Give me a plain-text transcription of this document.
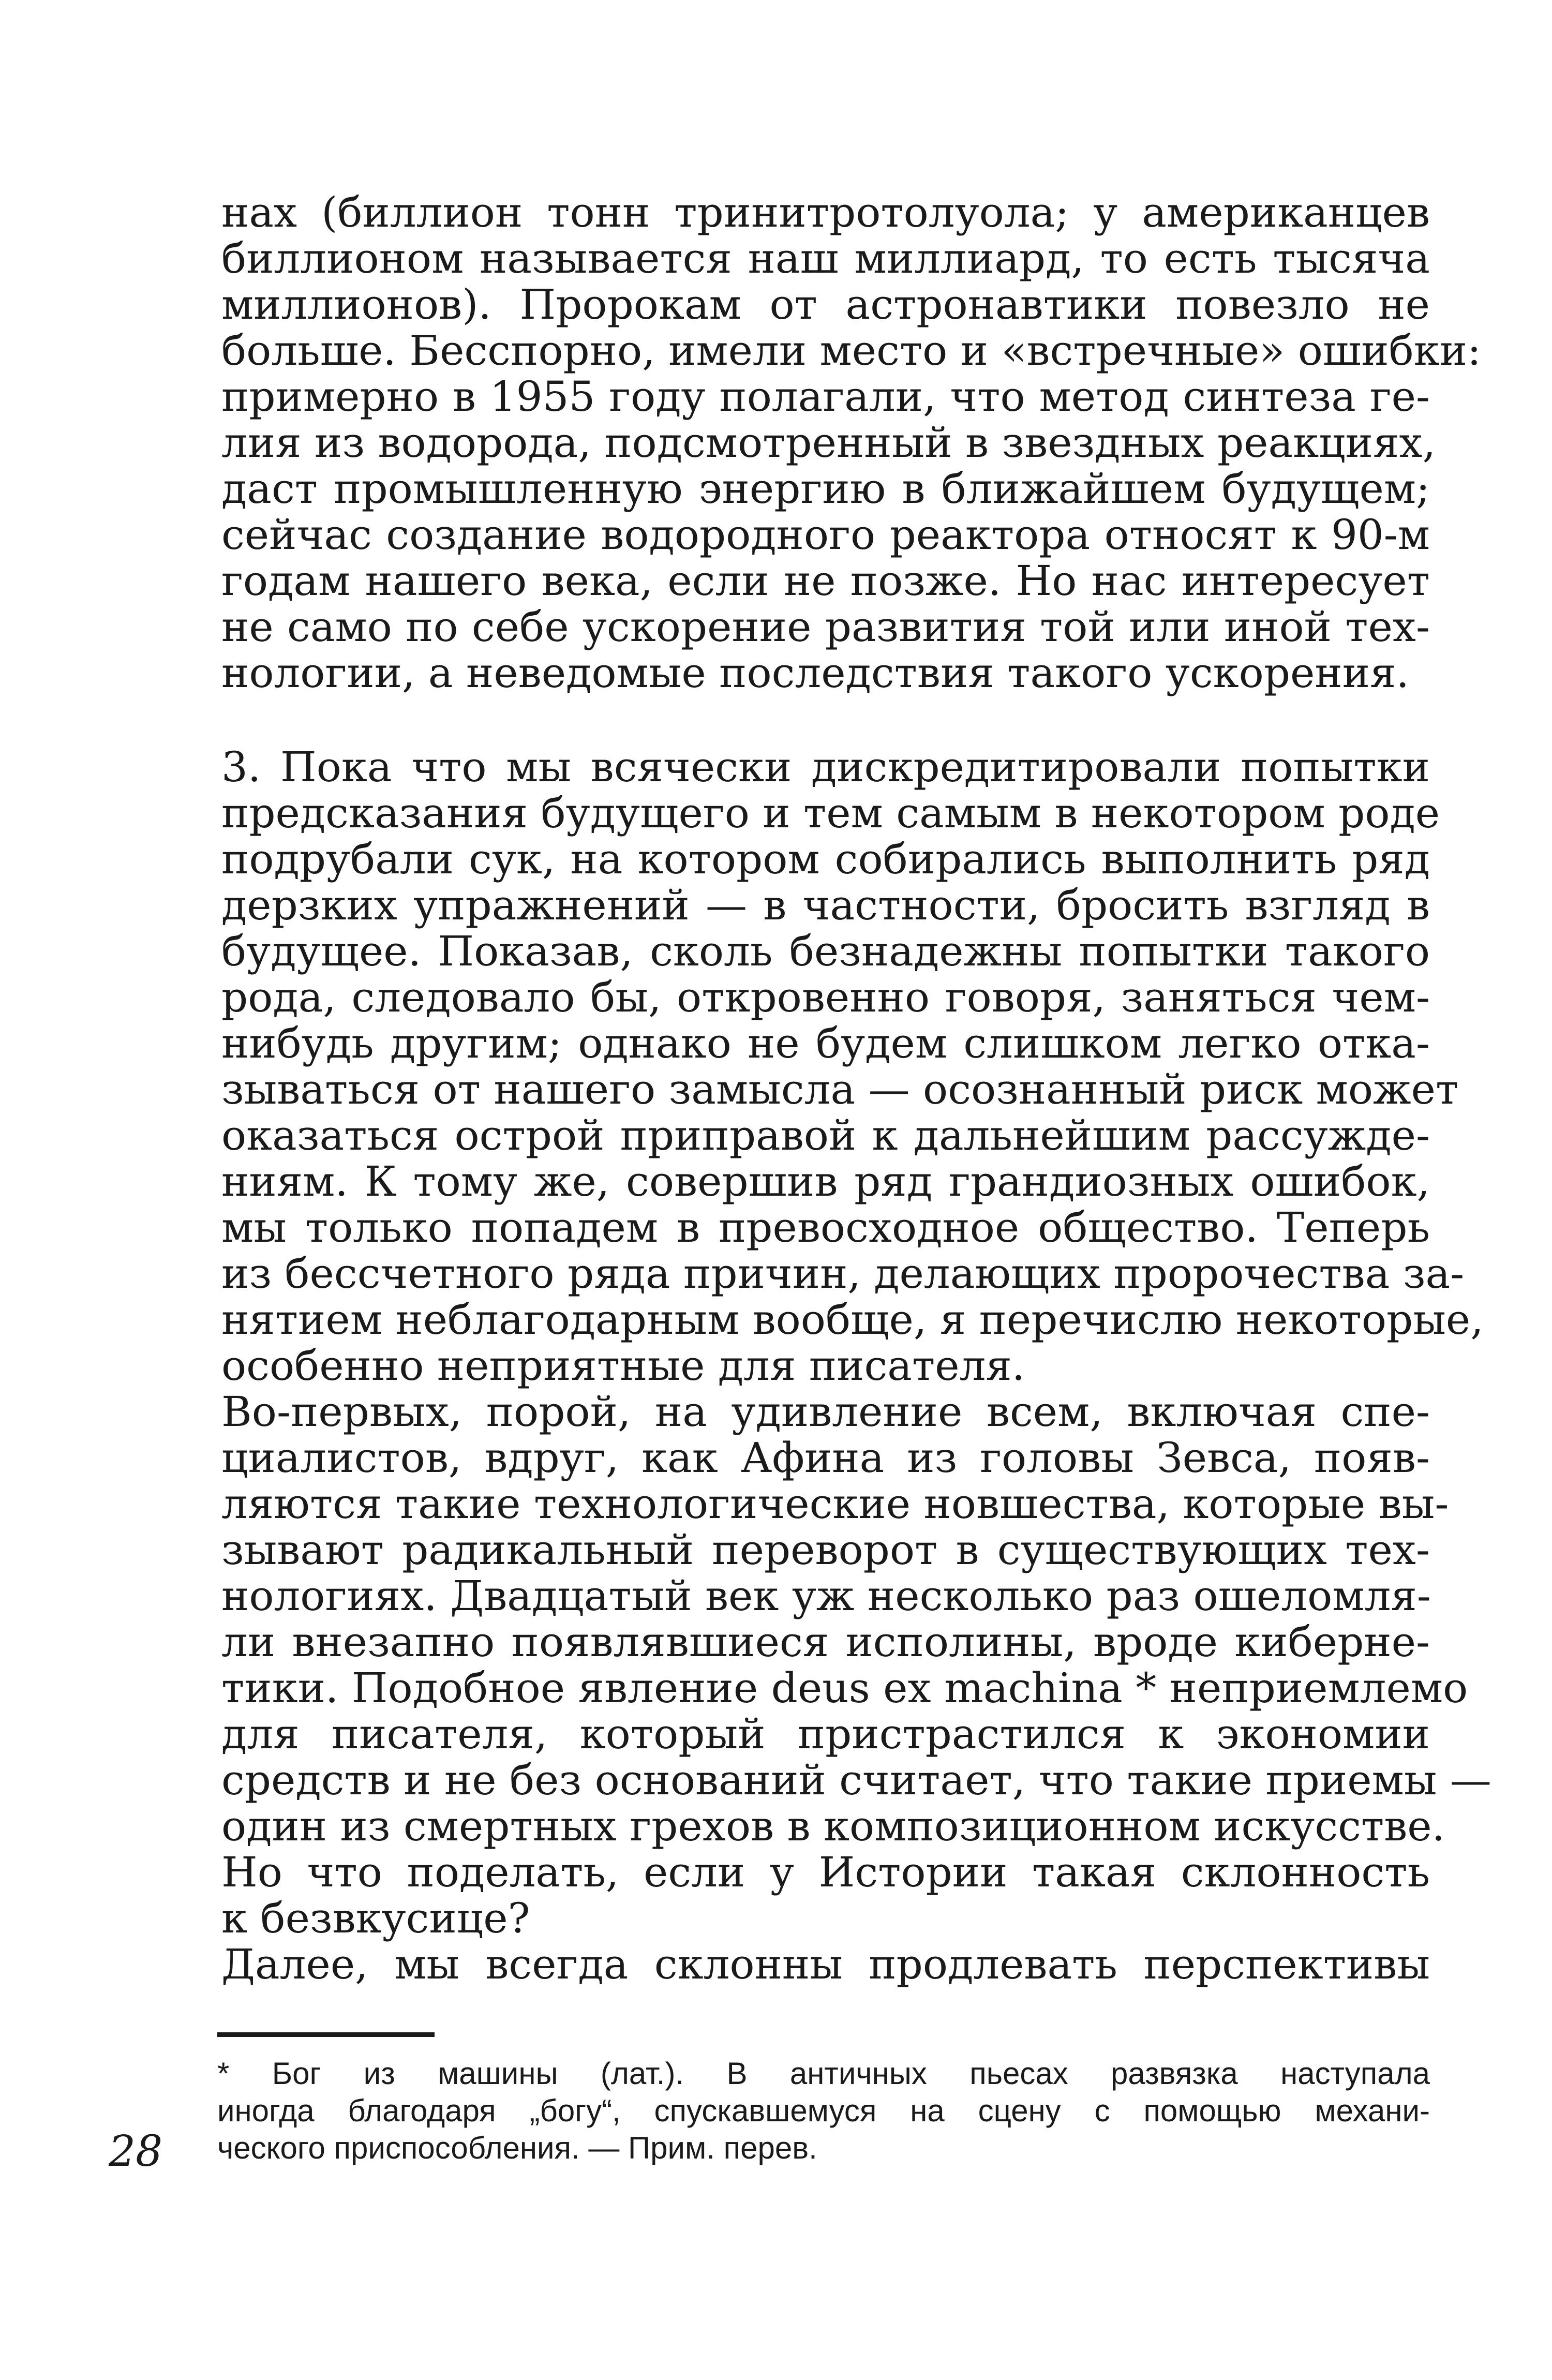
нах (биллион тонн тринитротолуола; у американцев
биллионом называется наш миллиард, то есть тысяча
миллионов). Пророкам от астронавтики повезло не
больше. Бесспорно, имели место и «встречные» ошибки:
примерно в 1955 году полагали, что метод синтеза ге-
лия из водорода, подсмотренный в звездных реакциях,
даст промышленную энергию в ближайшем будущем;
сейчас создание водородного реактора относят к 90-м
годам нашего века, если не позже. Но нас интересует
не само по себе ускорение развития той или иной тех-
нологии, а неведомые последствия такого ускорения.
3. Пока что мы всячески дискредитировали попытки
предсказания будущего и тем самым в некотором роде
подрубали сук, на котором собирались выполнить ряд
дерзких упражнений — в частности, бросить взгляд в
будущее. Показав, сколь безнадежны попытки такого
рода, следовало бы, откровенно говоря, заняться чем-
нибудь другим; однако не будем слишком легко отка-
зываться от нашего замысла — осознанный риск может
оказаться острой приправой к дальнейшим рассужде-
ниям. К тому же, совершив ряд грандиозных ошибок,
мы только попадем в превосходное общество. Теперь
из бессчетного ряда причин, делающих пророчества за-
нятием неблагодарным вообще, я перечислю некоторые,
особенно неприятные для писателя.
Во-первых, порой, на удивление всем, включая спе-
циалистов, вдруг, как Афина из головы Зевса, появ-
ляются такие технологические новшества, которые вы-
зывают радикальный переворот в существующих тех-
нологиях. Двадцатый век уж несколько раз ошеломля-
ли внезапно появлявшиеся исполины, вроде киберне-
тики. Подобное явление deus ex machina * неприемлемо
для писателя, который пристрастился к экономии
средств и не без оснований считает, что такие приемы —
один из смертных грехов в композиционном искусстве.
Но что поделать, если у Истории такая склонность
к безвкусице?
Далее, мы всегда склонны продлевать перспективы
* Бог из машины (лат.). В античных пьесах развязка наступала
иногда благодаря „богу“, спускавшемуся на сцену с помощью механи-
ческого приспособления. — Прим. перев.
28
